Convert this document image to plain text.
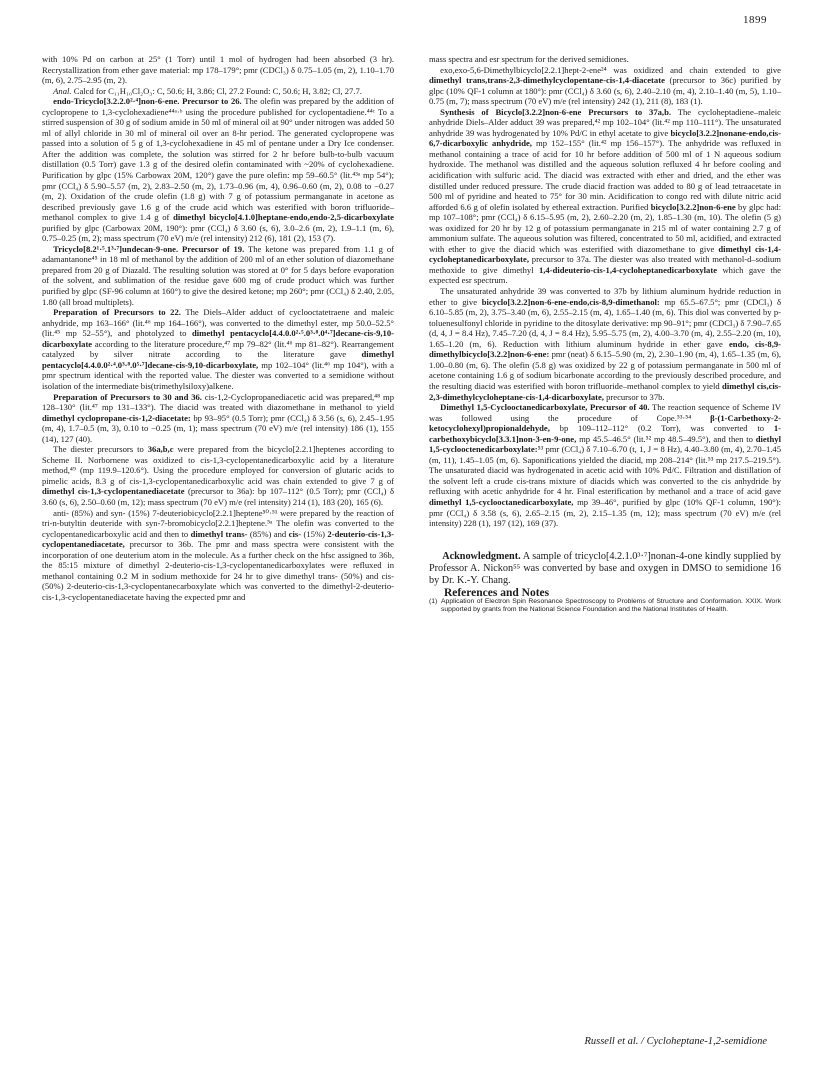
1899

with 10% Pd on carbon at 25° (1 Torr) until 1 mol of hydrogen had been absorbed (3 hr). Recrystallization from ether gave material: mp 178–179°; pmr (CDCl₃) δ 0.75–1.05 (m, 2), 1.10–1.70 (m, 6), 2.75–2.95 (m, 2).

Anal. Calcd for C₁₁H₁₀Cl₂O₃: C, 50.6; H, 3.86; Cl, 27.2 Found: C, 50.6; H, 3.82; Cl, 27.7.

endo-Tricyclo[3.2.2.0²·⁴]non-6-ene. Precursor to 26. The olefin was prepared by the addition of cyclopropene to 1,3-cyclohexadiene⁴⁴ᵃ·ᵇ using the procedure published for cyclopentadiene.⁴⁴ᶜ To a stirred suspension of 30 g of sodium amide in 50 ml of mineral oil at 90° under nitrogen was added 50 ml of allyl chloride in 30 ml of mineral oil over an 8-hr period. The generated cyclopropene was passed into a solution of 5 g of 1,3-cyclohexadiene in 45 ml of pentane under a Dry Ice condenser. After the addition was complete, the solution was stirred for 2 hr before bulb-to-bulb vacuum distillation (0.5 Torr) gave 1.3 g of the desired olefin contaminated with ~20% of cyclohexadiene. Purification by glpc (15% Carbowax 20M, 120°) gave the pure olefin: mp 59–60.5° (lit.⁴³ᵃ mp 54°); pmr (CCl₄) δ 5.90–5.57 (m, 2), 2.83–2.50 (m, 2), 1.73–0.96 (m, 4), 0.96–0.60 (m, 2), 0.08 to −0.27 (m, 2). Oxidation of the crude olefin (1.8 g) with 7 g of potassium permanganate in acetone as described previously gave 1.6 g of the crude acid which was esterified with boron trifluoride–methanol complex to give 1.4 g of dimethyl bicyclo[4.1.0]heptane-endo,endo-2,5-dicarboxylate purified by glpc (Carbowax 20M, 190°): pmr (CCl₄) δ 3.60 (s, 6), 3.0–2.6 (m, 2), 1.9–1.1 (m, 6), 0.75–0.25 (m, 2); mass spectrum (70 eV) m/e (rel intensity) 212 (6), 181 (2), 153 (7).

Tricyclo[8.2¹·⁵.1³·⁷]undecan-9-one. Precursor of 19. The ketone was prepared from 1.1 g of adamantanone⁴⁵ in 18 ml of methanol by the addition of 200 ml of an ether solution of diazomethane prepared from 20 g of Diazald. The resulting solution was stored at 0° for 5 days before evaporation of the solvent, and sublimation of the residue gave 600 mg of crude product which was further purified by glpc (SF-96 column at 160°) to give the desired ketone; mp 260°; pmr (CCl₄) δ 2.40, 2.05, 1.80 (all broad multiplets).

Preparation of Precursors to 22. The Diels–Alder adduct of cyclooctatetraene and maleic anhydride, mp 163–166° (lit.⁴⁶ mp 164–166°), was converted to the dimethyl ester, mp 50.0–52.5° (lit.⁴⁵ mp 52–55°), and photolyzed to dimethyl pentacyclo[4.4.0.0²·⁵.0³·⁸.0⁴·⁷]decane-cis-9,10-dicarboxylate according to the literature procedure,⁴⁷ mp 79–82° (lit.⁴⁶ mp 81–82°). Rearrangement catalyzed by silver nitrate according to the literature gave dimethyl pentacyclo[4.4.0.0²·⁴.0³·⁸.0⁵·⁷]decane-cis-9,10-dicarboxylate, mp 102–104° (lit.⁴⁶ mp 104°), with a pmr spectrum identical with the reported value. The diester was converted to a semidione without isolation of the intermediate bis(trimethylsiloxy)alkene.

Preparation of Precursors to 30 and 36. cis-1,2-Cyclopropanediacetic acid was prepared,⁴⁸ mp 128–130° (lit.⁴⁷ mp 131–133°). The diacid was treated with diazomethane in methanol to yield dimethyl cyclopropane-cis-1,2-diacetate: bp 93–95° (0.5 Torr); pmr (CCl₄) δ 3.56 (s, 6), 2.45–1.95 (m, 4), 1.7–0.5 (m, 3), 0.10 to −0.25 (m, 1); mass spectrum (70 eV) m/e (rel intensity) 186 (1), 155 (14), 127 (40).

The diester precursors to 36a,b,c were prepared from the bicyclo[2.2.1]heptenes according to Scheme II. Norbornene was oxidized to cis-1,3-cyclopentanedicarboxylic acid by a literature method,⁴⁹ (mp 119.9–120.6°). Using the procedure employed for conversion of glutaric acids to pimelic acids, 8.3 g of cis-1,3-cyclopentanedicarboxylic acid was chain extended to give 7 g of dimethyl cis-1,3-cyclopentanediacetate (precursor to 36a): bp 107–112° (0.5 Torr); pmr (CCl₄) δ 3.60 (s, 6), 2.50–0.60 (m, 12); mass spectrum (70 eV) m/e (rel intensity) 214 (1), 183 (20), 165 (6).

anti- (85%) and syn- (15%) 7-deuteriobicyclo[2.2.1]heptene⁵⁰·⁵¹ were prepared by the reaction of tri-n-butyltin deuteride with syn-7-bromobicyclo[2.2.1]heptene.⁵ᵃ The olefin was converted to the cyclopentanedicarboxylic acid and then to dimethyl trans- (85%) and cis- (15%) 2-deuterio-cis-1,3-cyclopentanediacetate, precursor to 36b. The pmr and mass spectra were consistent with the incorporation of one deuterium atom in the molecule. As a further check on the hfsc assigned to 36b, the 85:15 mixture of dimethyl 2-deuterio-cis-1,3-cyclopentanedicarboxylates were refluxed in methanol containing 0.2 M in sodium methoxide for 24 hr to give dimethyl trans- (50%) and cis- (50%) 2-deuterio-cis-1,3-cyclopentanecarboxylate which was converted to the dimethyl-2-deuterio-cis-1,3-cyclopentanediacetate having the expected pmr and

mass spectra and esr spectrum for the derived semidiones.

exo,exo-5,6-Dimethylbicyclo[2.2.1]hept-2-ene²⁴ was oxidized and chain extended to give dimethyl trans,trans-2,3-dimethylcyclopentane-cis-1,4-diacetate (precursor to 36c) purified by glpc (10% QF-1 column at 180°): pmr (CCl₄) δ 3.60 (s, 6), 2.40–2.10 (m, 4), 2.10–1.40 (m, 5), 1.10–0.75 (m, 7); mass spectrum (70 eV) m/e (rel intensity) 242 (1), 211 (8), 183 (1).

Synthesis of Bicyclo[3.2.2]non-6-ene Precursors to 37a,b. The cycloheptadiene–maleic anhydride Diels–Alder adduct 39 was prepared,⁴² mp 102–104° (lit.⁴² mp 110–111°). The unsaturated anhydride 39 was hydrogenated by 10% Pd/C in ethyl acetate to give bicyclo[3.2.2]nonane-endo,cis-6,7-dicarboxylic anhydride, mp 152–155° (lit.⁴² mp 156–157°). The anhydride was refluxed in methanol containing a trace of acid for 10 hr before addition of 500 ml of 1 N aqueous sodium hydroxide. The methanol was distilled and the aqueous solution refluxed 4 hr before cooling and acidification with sulfuric acid. The diacid was extracted with ether and dried, and the ether was distilled under reduced pressure. The crude diacid fraction was added to 80 g of lead tetraacetate in 500 ml of pyridine and heated to 75° for 30 min. Acidification to congo red with dilute nitric acid afforded 6.6 g of olefin isolated by ethereal extraction. Purified bicyclo[3.2.2]non-6-ene by glpc had: mp 107–108°; pmr (CCl₄) δ 6.15–5.95 (m, 2), 2.60–2.20 (m, 2), 1.85–1.30 (m, 10). The olefin (5 g) was oxidized for 20 hr by 12 g of potassium permanganate in 215 ml of water containing 2.7 g of ammonium sulfate. The aqueous solution was filtered, concentrated to 50 ml, acidified, and extracted with ether to give the diacid which was esterified with diazomethane to give dimethyl cis-1,4-cycloheptanedicarboxylate, precursor to 37a. The diester was also treated with methanol-d–sodium methoxide to give dimethyl 1,4-dideuterio-cis-1,4-cycloheptanedicarboxylate which gave the expected esr spectrum.

The unsaturated anhydride 39 was converted to 37b by lithium aluminum hydride reduction in ether to give bicyclo[3.2.2]non-6-ene-endo,cis-8,9-dimethanol: mp 65.5–67.5°; pmr (CDCl₃) δ 6.10–5.85 (m, 2), 3.75–3.40 (m, 6), 2.55–2.15 (m, 4), 1.65–1.40 (m, 6). This diol was converted by p-toluenesulfonyl chloride in pyridine to the ditosylate derivative: mp 90–91°; pmr (CDCl₃) δ 7.90–7.65 (d, 4, J = 8.4 Hz), 7.45–7.20 (d, 4, J = 8.4 Hz), 5.95–5.75 (m, 2), 4.00–3.70 (m, 4), 2.55–2.20 (m, 10), 1.65–1.20 (m, 6). Reduction with lithium aluminum hydride in ether gave endo, cis-8,9-dimethylbicyclo[3.2.2]non-6-ene: pmr (neat) δ 6.15–5.90 (m, 2), 2.30–1.90 (m, 4), 1.65–1.35 (m, 6), 1.00–0.80 (m, 6). The olefin (5.8 g) was oxidized by 22 g of potassium permanganate in 500 ml of acetone containing 1.6 g of sodium bicarbonate according to the previously described procedure, and the resulting diacid was esterified with boron trifluoride–methanol complex to yield dimethyl cis,cis-2,3-dimethylcycloheptane-cis-1,4-dicarboxylate, precursor to 37b.

Dimethyl 1,5-Cyclooctanedicarboxylate, Precursor of 40. The reaction sequence of Scheme IV was followed using the procedure of Cope.⁵³·⁵⁴ β-(1-Carbethoxy-2-ketocyclohexyl)propionaldehyde, bp 109–112–112° (0.2 Torr), was converted to 1-carbethoxybicyclo[3.3.1]non-3-en-9-one, mp 45.5–46.5° (lit.⁵² mp 48.5–49.5°), and then to diethyl 1,5-cyclooctenedicarboxylate:⁵³ pmr (CCl₄) δ 7.10–6.70 (t, 1, J = 8 Hz), 4.40–3.80 (m, 4), 2.70–1.45 (m, 11), 1.45–1.05 (m, 6). Saponifications yielded the diacid, mp 208–214° (lit.⁵³ mp 217.5–219.5°). The unsaturated diacid was hydrogenated in acetic acid with 10% Pd/C. Filtration and distillation of the solvent left a crude cis-trans mixture of diacids which was converted to the cis anhydride by refluxing with acetic anhydride for 4 hr. Final esterification by methanol and a trace of acid gave dimethyl 1,5-cyclooctanedicarboxylate, mp 39–46°, purified by glpc (10% QF-1 column, 190°): pmr (CCl₄) δ 3.58 (s, 6), 2.65–2.15 (m, 2), 2.15–1.35 (m, 12); mass spectrum (70 eV) m/e (rel intensity) 228 (1), 197 (12), 169 (37).

Acknowledgment. A sample of tricyclo[4.2.1.0³·⁷]nonan-4-one kindly supplied by Professor A. Nickon⁵⁵ was converted by base and oxygen in DMSO to semidione 16 by Dr. K.-Y. Chang.

References and Notes

(1) Application of Electron Spin Resonance Spectroscopy to Problems of Structure and Conformation. XXIX. Work supported by grants from the National Science Foundation and the National Institutes of Health.

Russell et al. / Cycloheptane-1,2-semidione
